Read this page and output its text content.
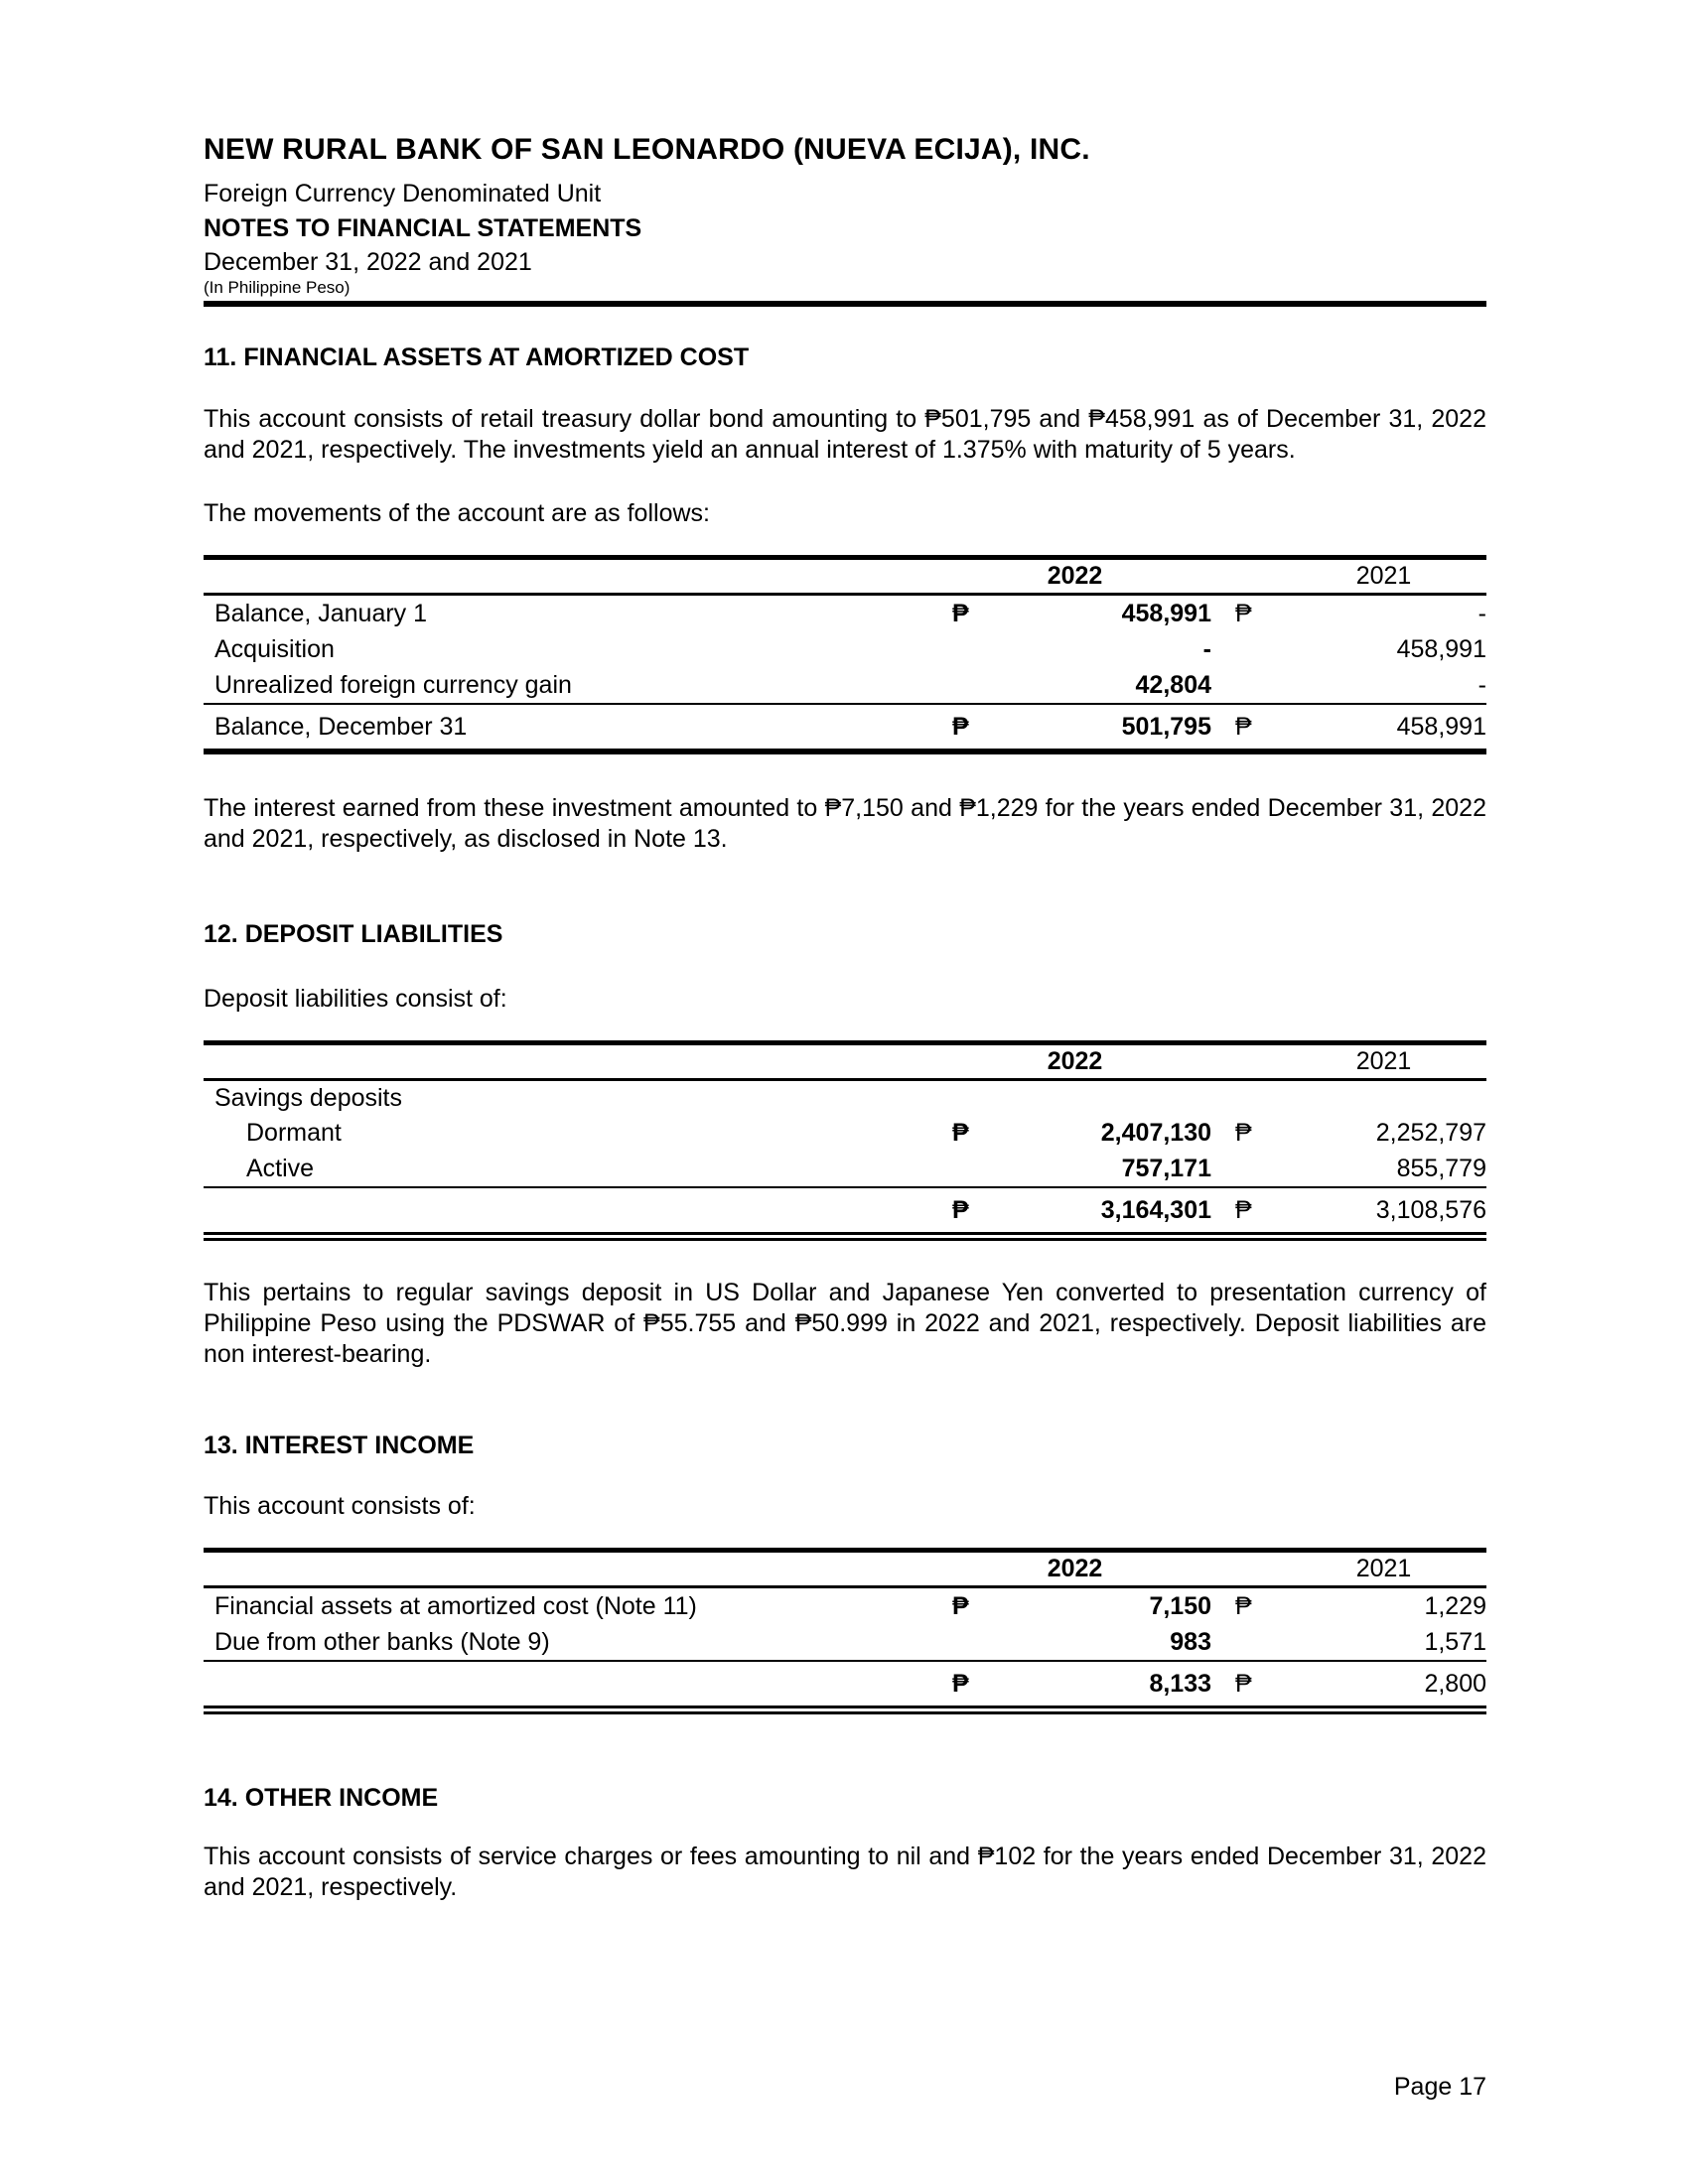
NEW RURAL BANK OF SAN LEONARDO (NUEVA ECIJA), INC.
Foreign Currency Denominated Unit
NOTES TO FINANCIAL STATEMENTS
December 31, 2022 and 2021
(In Philippine Peso)
11. FINANCIAL ASSETS AT AMORTIZED COST

This account consists of retail treasury dollar bond amounting to ₱501,795 and ₱458,991 as of December 31, 2022 and 2021, respectively. The investments yield an annual interest of 1.375% with maturity of 5 years.

The movements of the account are as follows:

2022	2021
Balance, January 1	₱	458,991 ₱	-
Acquisition	-	458,991
Unrealized foreign currency gain	42,804	-
Balance, December 31	₱	501,795 ₱	458,991

The interest earned from these investment amounted to ₱7,150 and ₱1,229 for the years ended December 31, 2022 and 2021, respectively, as disclosed in Note 13.

12. DEPOSIT LIABILITIES

Deposit liabilities consist of:

2022	2021
Savings deposits
Dormant	₱	2,407,130 ₱	2,252,797
Active	757,171	855,779
₱	3,164,301 ₱	3,108,576

This pertains to regular savings deposit in US Dollar and Japanese Yen converted to presentation currency of Philippine Peso using the PDSWAR of ₱55.755 and ₱50.999 in 2022 and 2021, respectively. Deposit liabilities are non interest-bearing.

13. INTEREST INCOME

This account consists of:

2022	2021
Financial assets at amortized cost (Note 11)	₱	7,150 ₱	1,229
Due from other banks (Note 9)	983	1,571
₱	8,133 ₱	2,800
14. OTHER INCOME

This account consists of service charges or fees amounting to nil and ₱102 for the years ended December 31, 2022 and 2021, respectively.

Page 17
